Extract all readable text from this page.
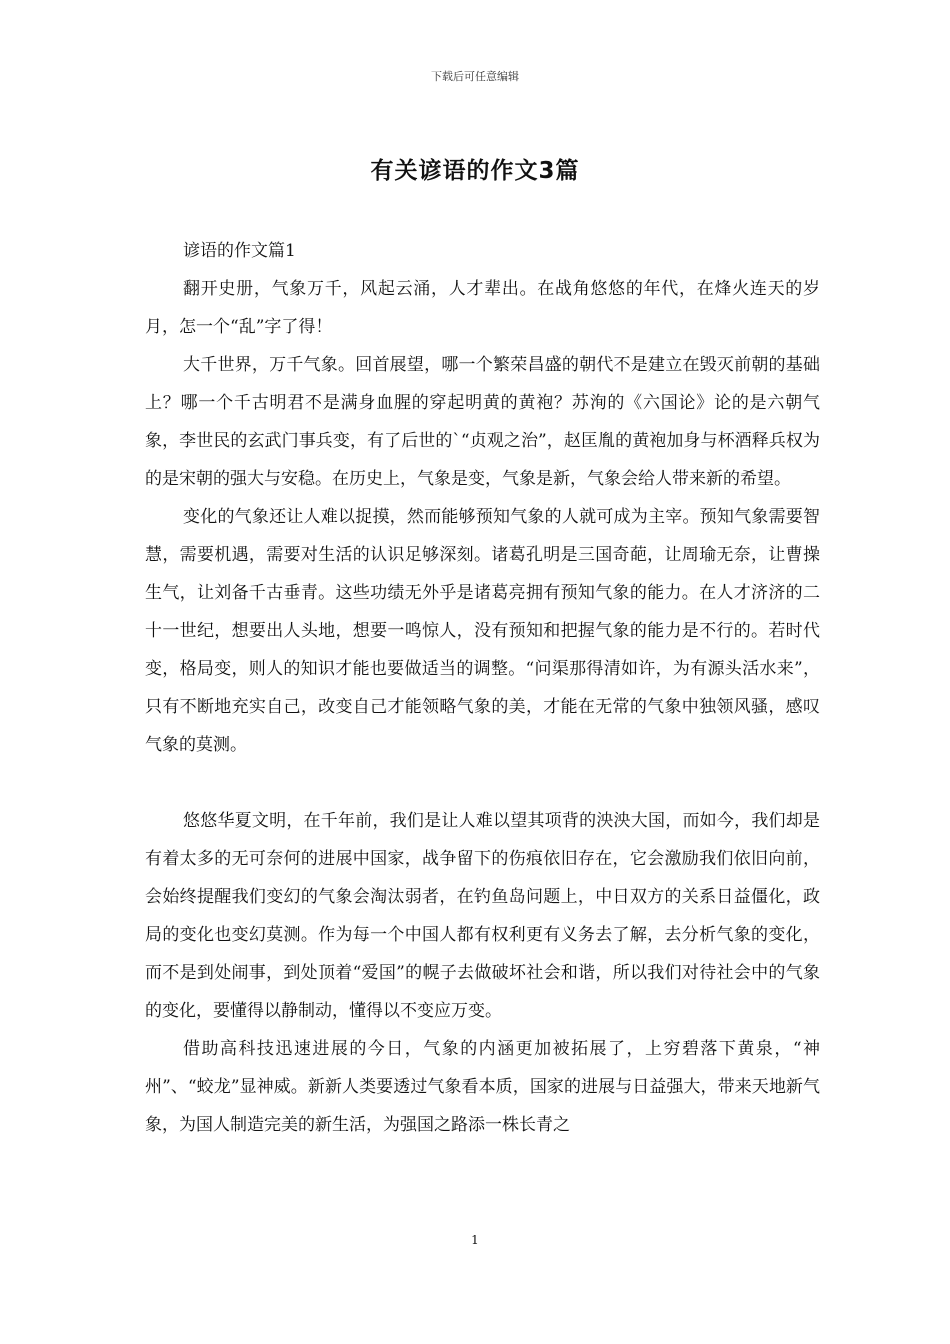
下载后可任意编辑
有关谚语的作文3篇

谚语的作文篇1

翻开史册，气象万千，风起云涌，人才辈出。在战角悠悠的年代，在烽火连天的岁月，怎一个“乱”字了得！

大千世界，万千气象。回首展望，哪一个繁荣昌盛的朝代不是建立在毁灭前朝的基础上？哪一个千古明君不是满身血腥的穿起明黄的黄袍？苏洵的《六国论》论的是六朝气象，李世民的玄武门事兵变，有了后世的`“贞观之治”，赵匡胤的黄袍加身与杯酒释兵权为的是宋朝的强大与安稳。在历史上，气象是变，气象是新，气象会给人带来新的希望。

变化的气象还让人难以捉摸，然而能够预知气象的人就可成为主宰。预知气象需要智慧，需要机遇，需要对生活的认识足够深刻。诸葛孔明是三国奇葩，让周瑜无奈，让曹操生气，让刘备千古垂青。这些功绩无外乎是诸葛亮拥有预知气象的能力。在人才济济的二十一世纪，想要出人头地，想要一鸣惊人，没有预知和把握气象的能力是不行的。若时代变，格局变，则人的知识才能也要做适当的调整。“问渠那得清如许，为有源头活水来”，只有不断地充实自己，改变自己才能领略气象的美，才能在无常的气象中独领风骚，感叹气象的莫测。

悠悠华夏文明，在千年前，我们是让人难以望其项背的泱泱大国，而如今，我们却是有着太多的无可奈何的进展中国家，战争留下的伤痕依旧存在，它会激励我们依旧向前，会始终提醒我们变幻的气象会淘汰弱者，在钓鱼岛问题上，中日双方的关系日益僵化，政局的变化也变幻莫测。作为每一个中国人都有权利更有义务去了解，去分析气象的变化，而不是到处闹事，到处顶着“爱国”的幌子去做破坏社会和谐，所以我们对待社会中的气象的变化，要懂得以静制动，懂得以不变应万变。

借助高科技迅速进展的今日，气象的内涵更加被拓展了，上穷碧落下黄泉，“神州”、“蛟龙”显神威。新新人类要透过气象看本质，国家的进展与日益强大，带来天地新气象，为国人制造完美的新生活，为强国之路添一株长青之

1
